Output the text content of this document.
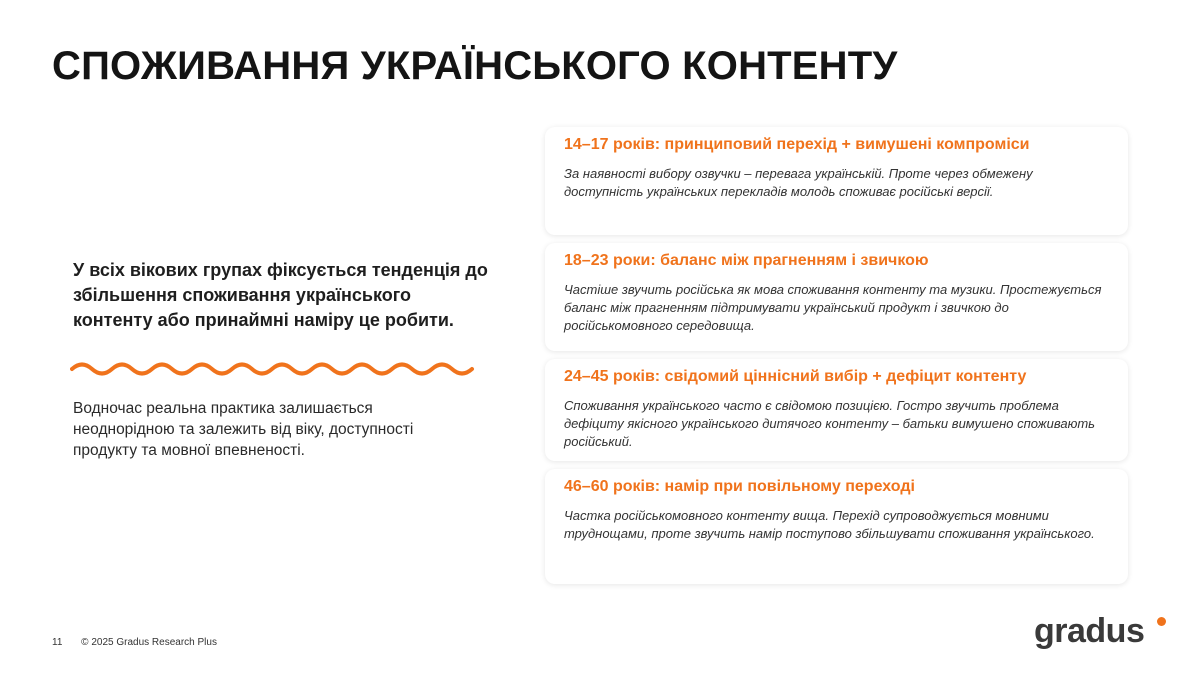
СПОЖИВАННЯ УКРАЇНСЬКОГО КОНТЕНТУ

У всіх вікових групах фіксується тенденція до збільшення споживання українського контенту або принаймні наміру це робити.

Водночас реальна практика залишається неоднорідною та залежить від віку, доступності продукту та мовної впевненості.

14–17 років: принциповий перехід + вимушені компроміси

За наявності вибору озвучки – перевага українській. Проте через обмежену доступність українських перекладів молодь споживає російські версії.

18–23 роки: баланс між прагненням і звичкою

Частіше звучить російська як мова споживання контенту та музики. Простежується баланс між прагненням підтримувати український продукт і звичкою до російськомовного середовища.

24–45 років: свідомий ціннісний вибір + дефіцит контенту

Споживання українського часто є свідомою позицією. Гостро звучить проблема дефіциту якісного українського дитячого контенту – батьки вимушено споживають російський.

46–60 років: намір при повільному переході

Частка російськомовного контенту вища. Перехід супроводжується мовними труднощами, проте звучить намір поступово збільшувати споживання українського.

11 © 2025 Gradus Research Plus	gradus
